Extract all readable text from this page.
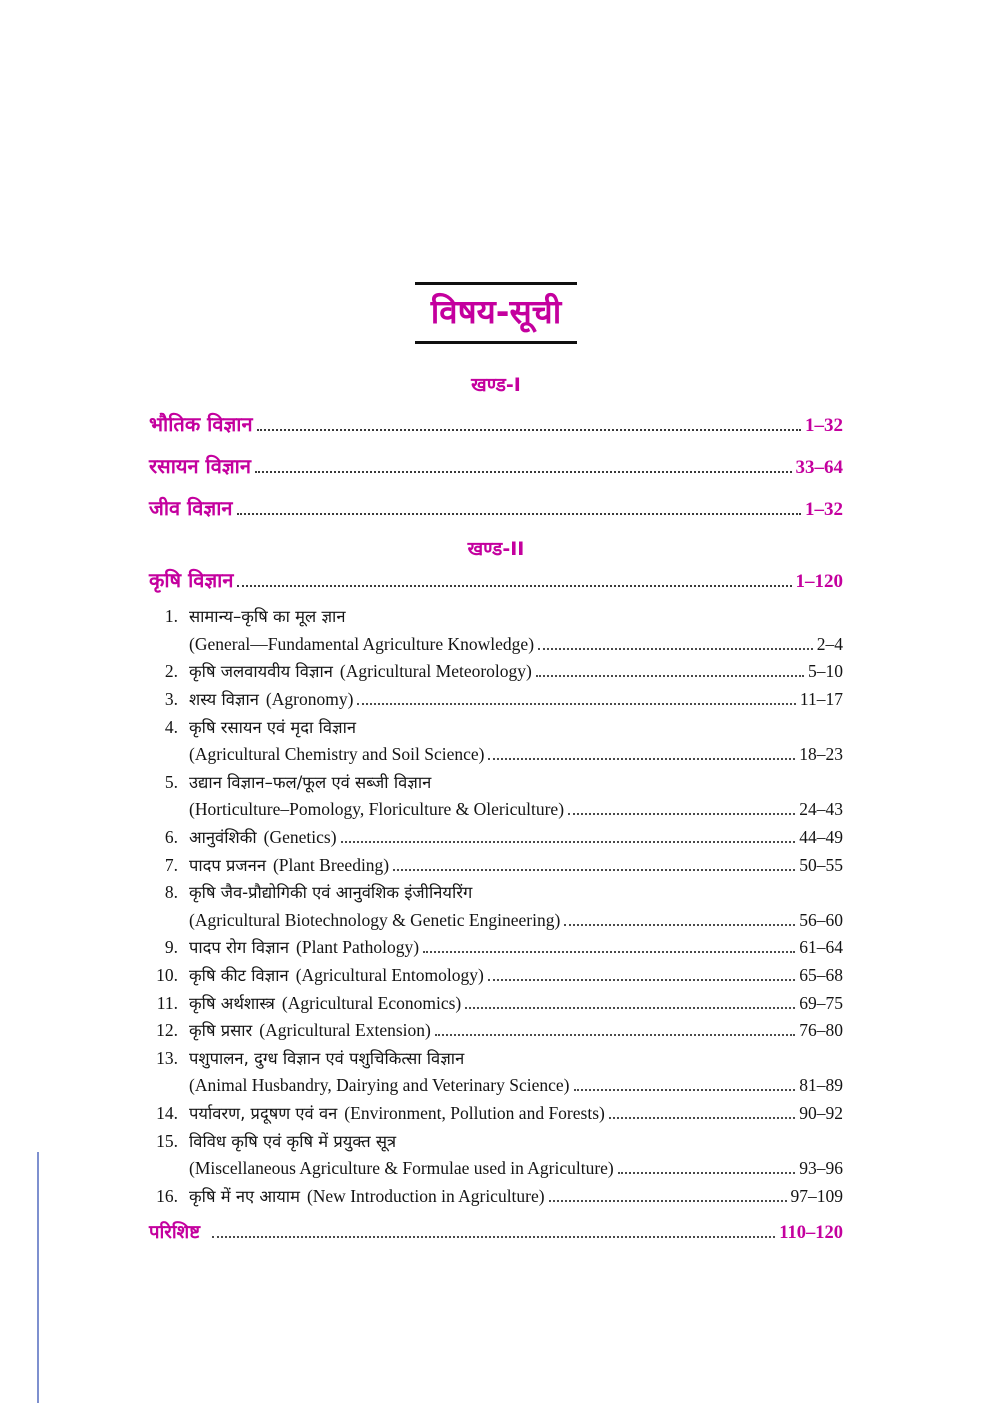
विषय-सूची
खण्ड-I
भौतिक विज्ञान	1–32
रसायन विज्ञान	33–64
जीव विज्ञान	1–32
खण्ड-II
कृषि विज्ञान	1–120
1. सामान्य–कृषि का मूल ज्ञान
(General—Fundamental Agriculture Knowledge)	2–4
2. कृषि जलवायवीय विज्ञान (Agricultural Meteorology)	5–10
3. शस्य विज्ञान (Agronomy)	11–17
4. कृषि रसायन एवं मृदा विज्ञान
(Agricultural Chemistry and Soil Science)	18–23
5. उद्यान विज्ञान–फल/फूल एवं सब्जी विज्ञान
(Horticulture–Pomology, Floriculture & Olericulture)	24–43
6. आनुवंशिकी (Genetics)	44–49
7. पादप प्रजनन (Plant Breeding)	50–55
8. कृषि जैव-प्रौद्योगिकी एवं आनुवंशिक इंजीनियरिंग
(Agricultural Biotechnology & Genetic Engineering)	56–60
9. पादप रोग विज्ञान (Plant Pathology)	61–64
10. कृषि कीट विज्ञान (Agricultural Entomology)	65–68
11. कृषि अर्थशास्त्र (Agricultural Economics)	69–75
12. कृषि प्रसार (Agricultural Extension)	76–80
13. पशुपालन, दुग्ध विज्ञान एवं पशुचिकित्सा विज्ञान
(Animal Husbandry, Dairying and Veterinary Science)	81–89
14. पर्यावरण, प्रदूषण एवं वन (Environment, Pollution and Forests)	90–92
15. विविध कृषि एवं कृषि में प्रयुक्त सूत्र
(Miscellaneous Agriculture & Formulae used in Agriculture)	93–96
16. कृषि में नए आयाम (New Introduction in Agriculture)	97–109
परिशिष्ट	110–120
